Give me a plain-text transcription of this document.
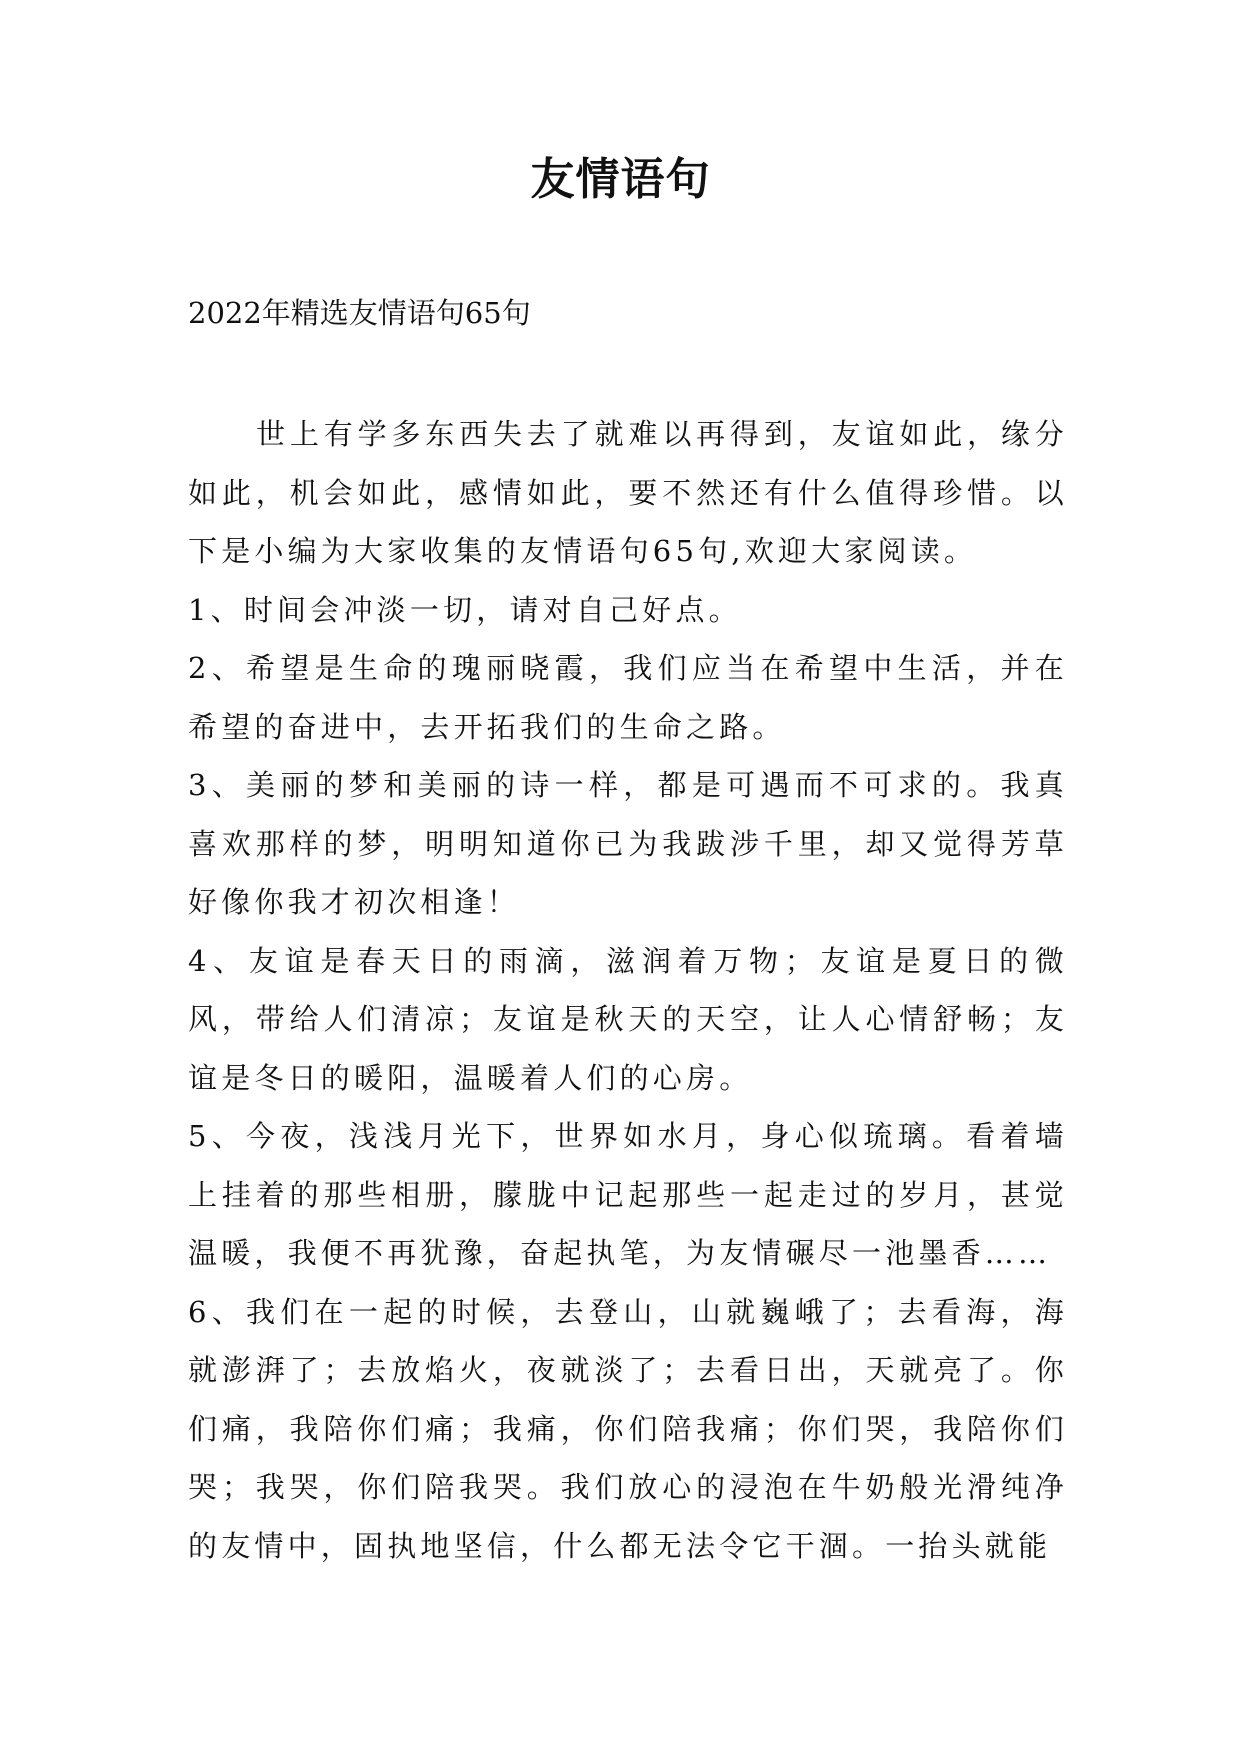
友情语句
2022年精选友情语句65句

世上有学多东西失去了就难以再得到，友谊如此，缘分如此，机会如此，感情如此，要不然还有什么值得珍惜。以下是小编为大家收集的友情语句65句,欢迎大家阅读。

1、时间会冲淡一切，请对自己好点。

2、希望是生命的瑰丽晓霞，我们应当在希望中生活，并在希望的奋进中，去开拓我们的生命之路。

3、美丽的梦和美丽的诗一样，都是可遇而不可求的。我真喜欢那样的梦，明明知道你已为我跋涉千里，却又觉得芳草好像你我才初次相逢！

4、友谊是春天日的雨滴，滋润着万物；友谊是夏日的微风，带给人们清凉；友谊是秋天的天空，让人心情舒畅；友谊是冬日的暖阳，温暖着人们的心房。

5、今夜，浅浅月光下，世界如水月，身心似琉璃。看着墙上挂着的那些相册，朦胧中记起那些一起走过的岁月，甚觉温暖，我便不再犹豫，奋起执笔，为友情碾尽一池墨香……

6、我们在一起的时候，去登山，山就巍峨了；去看海，海就澎湃了；去放焰火，夜就淡了；去看日出，天就亮了。你们痛，我陪你们痛；我痛，你们陪我痛；你们哭，我陪你们哭；我哭，你们陪我哭。我们放心的浸泡在牛奶般光滑纯净的友情中，固执地坚信，什么都无法令它干涸。一抬头就能
